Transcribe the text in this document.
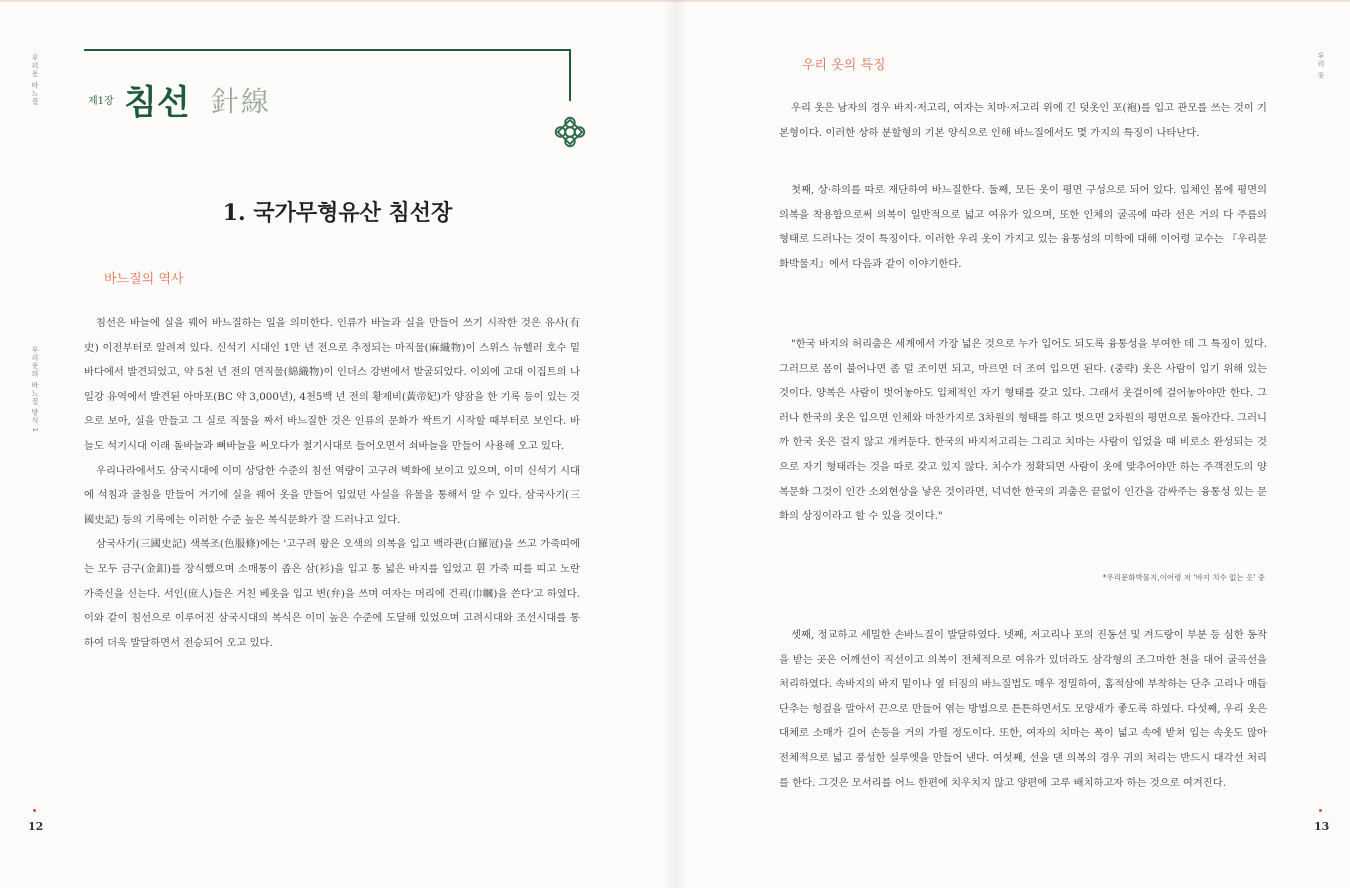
우리옷 바느질
우리옷의 바느질 방식 1
제1장 침선 針線
1. 국가무형유산 침선장
바느질의 역사

침선은 바늘에 실을 꿰어 바느질하는 일을 의미한다. 인류가 바늘과 실을 만들어 쓰기 시작한 것은 유사(有史) 이전부터로 알려져 있다. 신석기 시대인 1만 년 전으로 추정되는 마직물(麻織物)이 스위스 뉴헬러 호수 밑바다에서 발견되었고, 약 5천 년 전의 면직물(綿織物)이 인더스 강변에서 발굴되었다. 이외에 고대 이집트의 나일강 유역에서 발견된 아마포(BC 약 3,000년), 4천5백 년 전의 황제비(黃帝妃)가 양잠을 한 기록 등이 있는 것으로 보아, 실을 만들고 그 실로 직물을 짜서 바느질한 것은 인류의 문화가 싹트기 시작할 때부터로 보인다. 바늘도 석기시대 이래 돌바늘과 뼈바늘을 써오다가 철기시대로 들어오면서 쇠바늘을 만들어 사용해 오고 있다.

우리나라에서도 삼국시대에 이미 상당한 수준의 침선 역량이 고구려 벽화에 보이고 있으며, 이미 신석기 시대에 석침과 골침을 만들어 거기에 실을 꿰어 옷을 만들어 입었던 사실을 유물을 통해서 알 수 있다. 삼국사기(三國史記) 등의 기록에는 이러한 수준 높은 복식문화가 잘 드러나고 있다.

삼국사기(三國史記) 색복조(色服條)에는 '고구려 왕은 오색의 의복을 입고 백라관(白羅冠)을 쓰고 가죽띠에는 모두 금구(金釦)를 장식했으며 소매통이 좁은 삼(衫)을 입고 통 넓은 바지를 입었고 흰 가죽 띠를 띠고 노란 가죽신을 신는다. 서인(庶人)들은 거친 베옷을 입고 변(弁)을 쓰며 여자는 머리에 건괵(巾幗)을 쓴다'고 하였다. 이와 같이 침선으로 이루어진 삼국시대의 복식은 이미 높은 수준에 도달해 있었으며 고려시대와 조선시대를 통하여 더욱 발달하면서 전승되어 오고 있다.

12
우리 옷
13
우리 옷의 특징

우리 옷은 남자의 경우 바지·저고리, 여자는 치마·저고리 위에 긴 덧옷인 포(袍)를 입고 관모를 쓰는 것이 기본형이다. 이러한 상하 분할형의 기본 양식으로 인해 바느질에서도 몇 가지의 특징이 나타난다.

첫째, 상·하의를 따로 재단하여 바느질한다. 둘째, 모든 옷이 평면 구성으로 되어 있다. 입체인 몸에 평면의 의복을 착용함으로써 의복이 일반적으로 넓고 여유가 있으며, 또한 인체의 굴곡에 따라 선은 거의 다 주름의 형태로 드러나는 것이 특징이다. 이러한 우리 옷이 가지고 있는 융통성의 미학에 대해 이어령 교수는 『우리문화박물지』에서 다음과 같이 이야기한다.

"한국 바지의 허리춤은 세계에서 가장 넓은 것으로 누가 입어도 되도록 융통성을 부여한 데 그 특징이 있다. 그러므로 몸이 불어나면 좀 덜 조이면 되고, 마르면 더 조여 입으면 된다. (중략) 옷은 사람이 입기 위해 있는 것이다. 양복은 사람이 벗어놓아도 입체적인 자기 형태를 갖고 있다. 그래서 옷걸이에 걸어놓아야만 한다. 그러나 한국의 옷은 입으면 인체와 마찬가지로 3차원의 형태를 하고 벗으면 2차원의 평면으로 돌아간다. 그러니까 한국 옷은 걸지 않고 개켜둔다. 한국의 바지저고리는 그리고 치마는 사람이 입었을 때 비로소 완성되는 것으로 자기 형태라는 것을 따로 갖고 있지 않다. 치수가 정확되면 사람이 옷에 맞추어야만 하는 주객전도의 양복문화 그것이 인간 소외현상을 낳은 것이라면, 넉넉한 한국의 괴춤은 끝없이 인간을 감싸주는 융통성 있는 문화의 상징이라고 할 수 있을 것이다."

*우리문화박물지,이어령 저 '바지 치수 없는 옷' 중

셋째, 정교하고 세밀한 손바느질이 발달하였다. 넷째, 저고리나 포의 진동선 및 겨드랑이 부분 등 심한 동작을 받는 곳은 어깨선이 직선이고 의복이 전체적으로 여유가 있더라도 삼각형의 조그마한 천을 대어 굴곡선을 처리하였다. 속바지의 바지 밑이나 옆 터짐의 바느질법도 매우 정밀하여, 홈적삼에 부착하는 단추 고리나 매듭단추는 헝겊을 말아서 끈으로 만들어 엮는 방법으로 튼튼하면서도 모양새가 좋도록 하였다. 다섯째, 우리 옷은 대체로 소매가 길어 손등을 거의 가릴 정도이다. 또한, 여자의 치마는 폭이 넓고 속에 받쳐 입는 속옷도 많아 전체적으로 넓고 풍성한 실루엣을 만들어 낸다. 여섯째, 선을 댄 의복의 경우 귀의 처리는 반드시 대각선 처리를 한다. 그것은 모서리를 어느 한편에 치우치지 않고 양편에 고루 배치하고자 하는 것으로 여겨진다.
